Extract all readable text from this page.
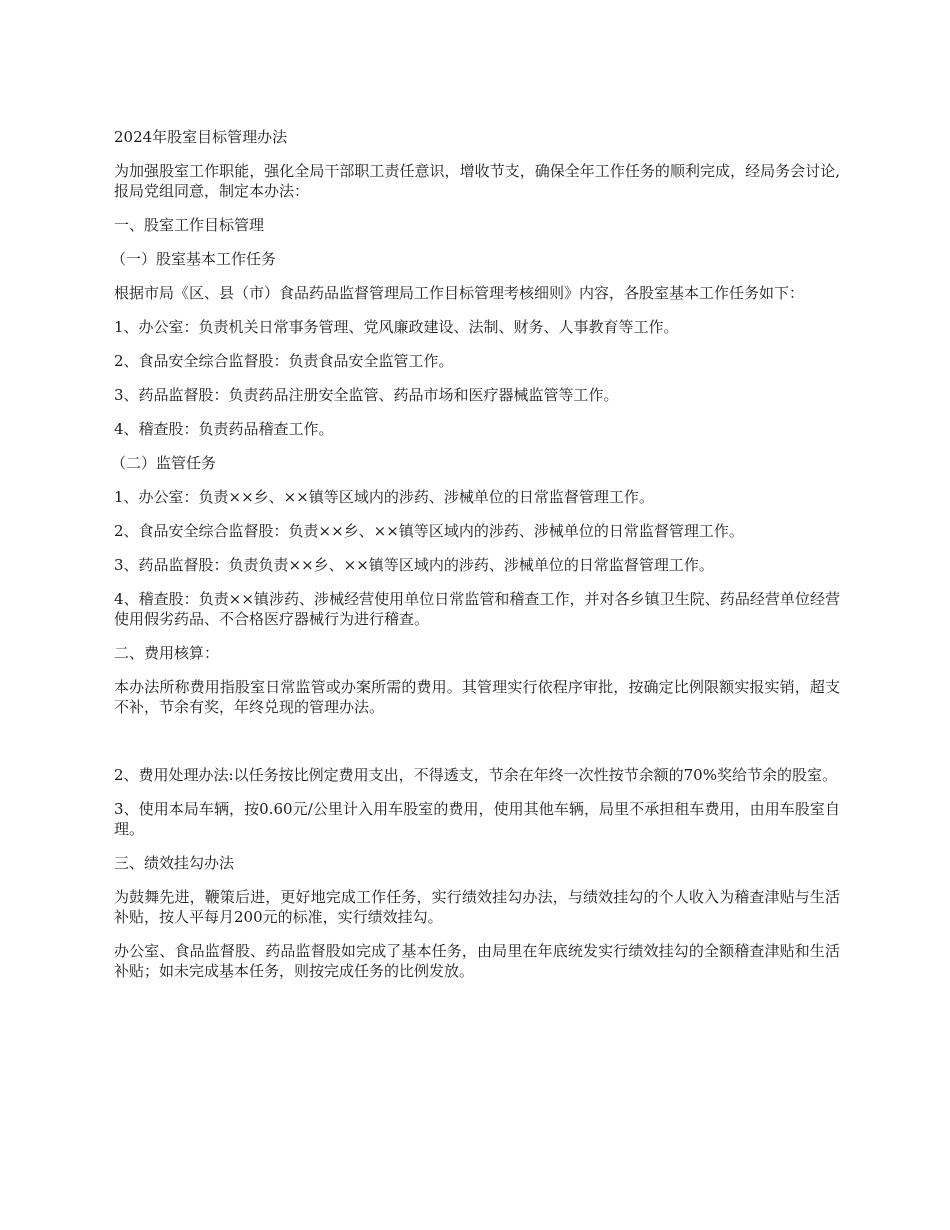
2024年股室目标管理办法

为加强股室工作职能，强化全局干部职工责任意识，增收节支，确保全年工作任务的顺利完成，经局务会讨论,报局党组同意，制定本办法：

一、股室工作目标管理

（一）股室基本工作任务

根据市局《区、县（市）食品药品监督管理局工作目标管理考核细则》内容，各股室基本工作任务如下：

1、办公室：负责机关日常事务管理、党风廉政建设、法制、财务、人事教育等工作。

2、食品安全综合监督股：负责食品安全监管工作。

3、药品监督股：负责药品注册安全监管、药品市场和医疗器械监管等工作。

4、稽查股：负责药品稽查工作。

（二）监管任务

1、办公室：负责××乡、××镇等区域内的涉药、涉械单位的日常监督管理工作。

2、食品安全综合监督股：负责××乡、××镇等区域内的涉药、涉械单位的日常监督管理工作。

3、药品监督股：负责负责××乡、××镇等区域内的涉药、涉械单位的日常监督管理工作。

4、稽查股：负责××镇涉药、涉械经营使用单位日常监管和稽查工作，并对各乡镇卫生院、药品经营单位经营使用假劣药品、不合格医疗器械行为进行稽查。

二、费用核算：

本办法所称费用指股室日常监管或办案所需的费用。其管理实行依程序审批，按确定比例限额实报实销，超支不补，节余有奖，年终兑现的管理办法。

2、费用处理办法:以任务按比例定费用支出，不得透支，节余在年终一次性按节余额的70%奖给节余的股室。

3、使用本局车辆，按0.60元/公里计入用车股室的费用，使用其他车辆，局里不承担租车费用，由用车股室自理。

三、绩效挂勾办法

为鼓舞先进，鞭策后进，更好地完成工作任务，实行绩效挂勾办法，与绩效挂勾的个人收入为稽查津贴与生活补贴，按人平每月200元的标准，实行绩效挂勾。

办公室、食品监督股、药品监督股如完成了基本任务，由局里在年底统发实行绩效挂勾的全额稽查津贴和生活补贴；如未完成基本任务，则按完成任务的比例发放。
